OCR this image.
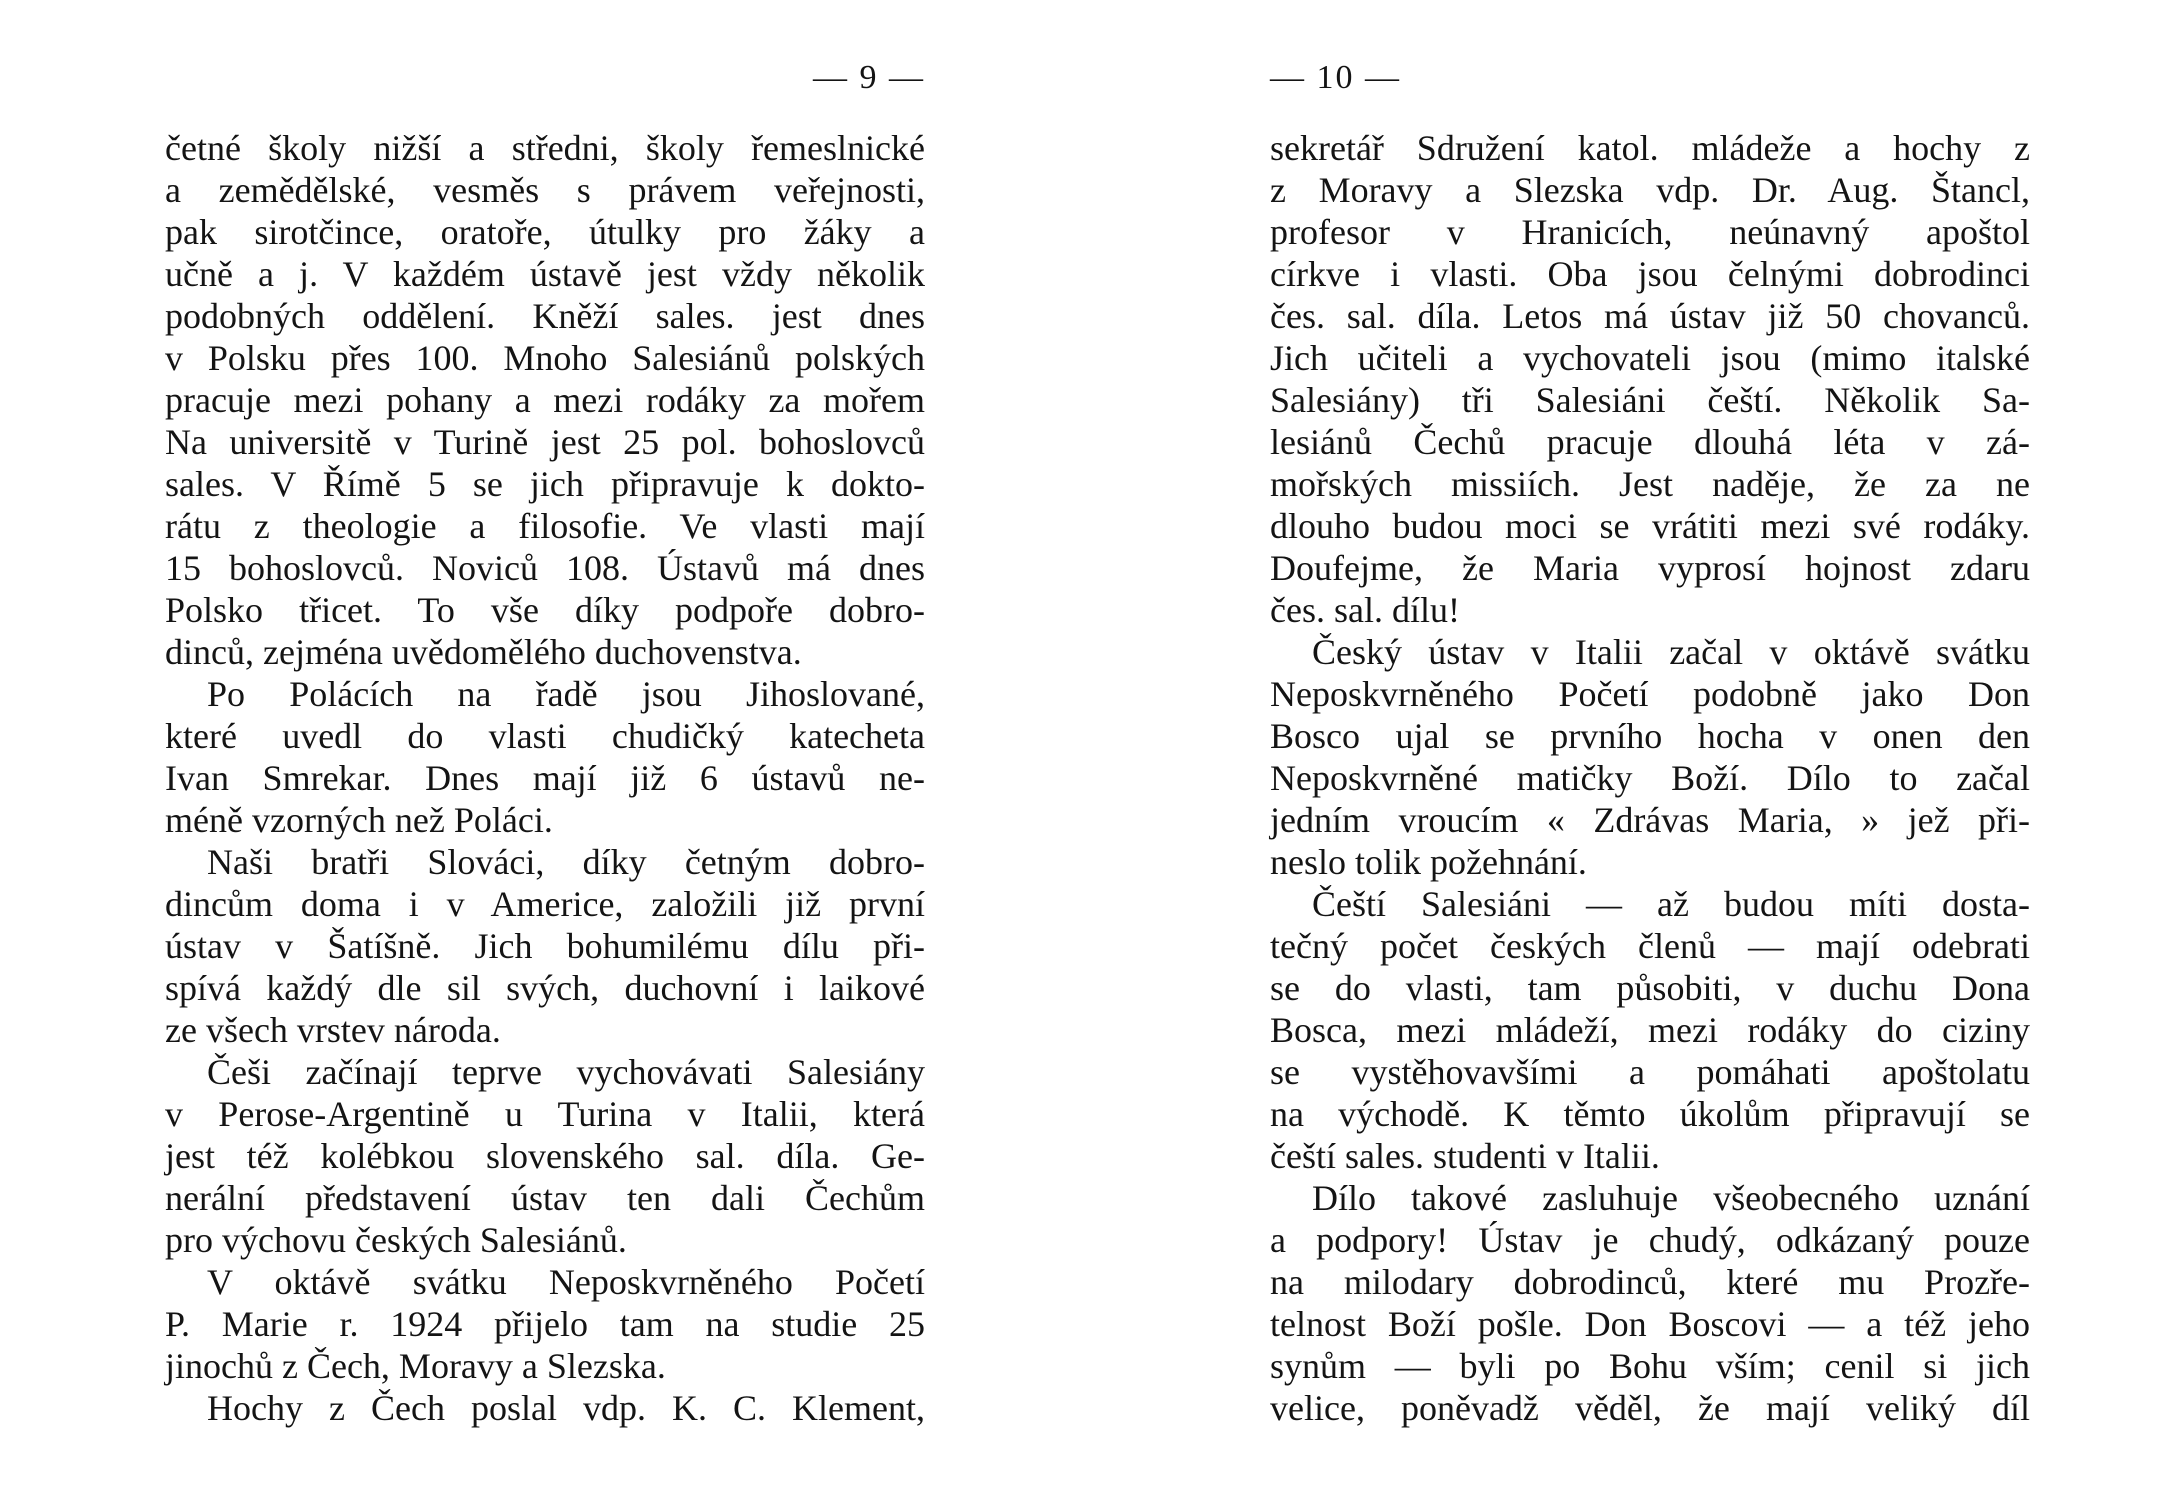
— 9 —
četné školy nižší a středni, školy řemeslnické
a zemědělské, vesměs s právem veřejnosti,
pak sirotčince, oratoře, útulky pro žáky a
učně a j. V každém ústavě jest vždy několik
podobných oddělení. Kněží sales. jest dnes
v Polsku přes 100. Mnoho Salesiánů polských
pracuje mezi pohany a mezi rodáky za mořem
Na universitě v Turině jest 25 pol. bohoslovců
sales. V Římě 5 se jich připravuje k dokto-
rátu z theologie a filosofie. Ve vlasti mají
15 bohoslovců. Noviců 108. Ústavů má dnes
Polsko třicet. To vše díky podpoře dobro-
dinců, zejména uvědomělého duchovenstva.
Po Polácích na řadě jsou Jihoslované,
které uvedl do vlasti chudičký katecheta
Ivan Smrekar. Dnes mají již 6 ústavů ne-
méně vzorných než Poláci.
Naši bratři Slováci, díky četným dobro-
dincům doma i v Americe, založili již první
ústav v Šatíšně. Jich bohumilému dílu při-
spívá každý dle sil svých, duchovní i laikové
ze všech vrstev národa.
Češi začínají teprve vychovávati Salesiány
v Perose-Argentině u Turina v Italii, která
jest též kolébkou slovenského sal. díla. Ge-
nerální představení ústav ten dali Čechům
pro výchovu českých Salesiánů.
V oktávě svátku Neposkvrněného Početí
P. Marie r. 1924 přijelo tam na studie 25
jinochů z Čech, Moravy a Slezska.
Hochy z Čech poslal vdp. K. C. Klement,
— 10 —
sekretář Sdružení katol. mládeže a hochy z
z Moravy a Slezska vdp. Dr. Aug. Štancl,
profesor v Hranicích, neúnavný apoštol
církve i vlasti. Oba jsou čelnými dobrodinci
čes. sal. díla. Letos má ústav již 50 chovanců.
Jich učiteli a vychovateli jsou (mimo italské
Salesiány) tři Salesiáni čeští. Několik Sa-
lesiánů Čechů pracuje dlouhá léta v zá-
mořských missiích. Jest naděje, že za ne
dlouho budou moci se vrátiti mezi své rodáky.
Doufejme, že Maria vyprosí hojnost zdaru
čes. sal. dílu!
Český ústav v Italii začal v oktávě svátku
Neposkvrněného Početí podobně jako Don
Bosco ujal se prvního hocha v onen den
Neposkvrněné matičky Boží. Dílo to začal
jedním vroucím « Zdrávas Maria, » jež při-
neslo tolik požehnání.
Čeští Salesiáni — až budou míti dosta-
tečný počet českých členů — mají odebrati
se do vlasti, tam působiti, v duchu Dona
Bosca, mezi mládeží, mezi rodáky do ciziny
se vystěhovavšími a pomáhati apoštolatu
na východě. K těmto úkolům připravují se
čeští sales. studenti v Italii.
Dílo takové zasluhuje všeobecného uznání
a podpory! Ústav je chudý, odkázaný pouze
na milodary dobrodinců, které mu Prozře-
telnost Boží pošle. Don Boscovi — a též jeho
synům — byli po Bohu vším; cenil si jich
velice, poněvadž věděl, že mají veliký díl
